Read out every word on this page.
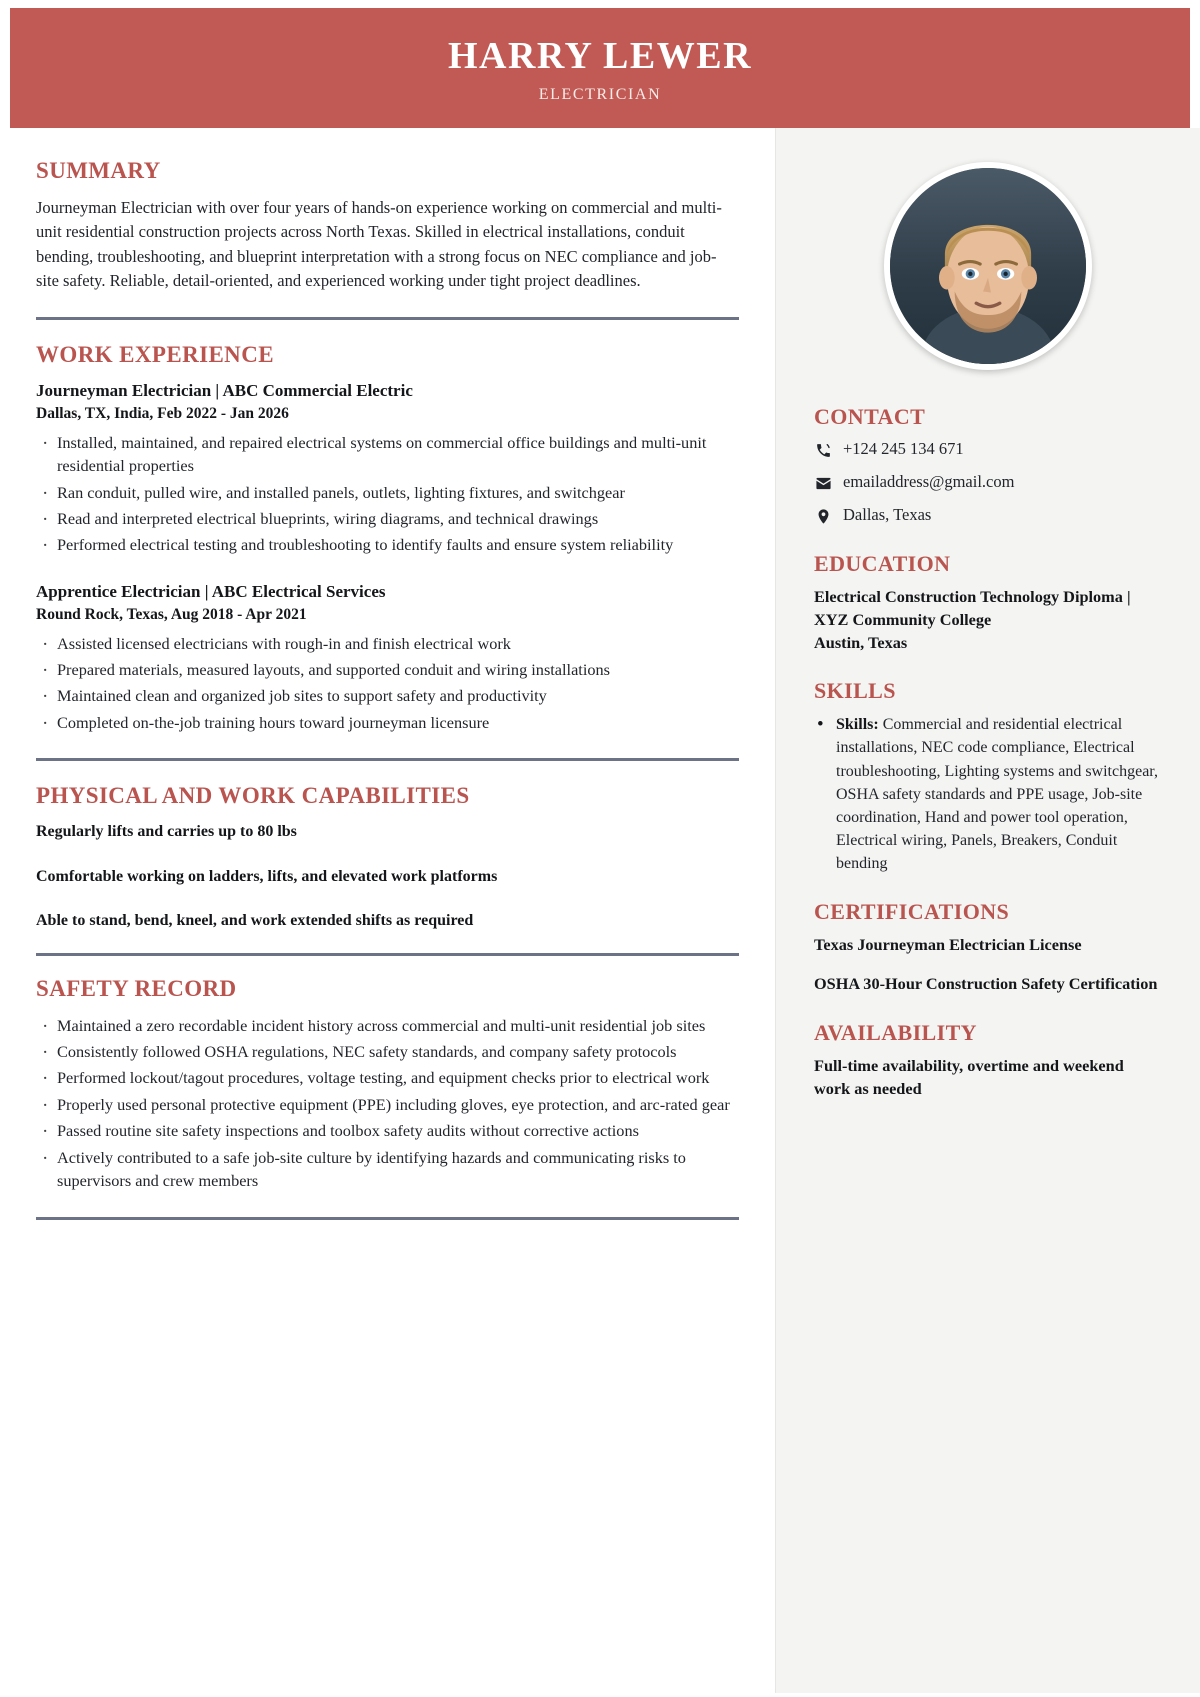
HARRY LEWER
ELECTRICIAN
SUMMARY

Journeyman Electrician with over four years of hands-on experience working on commercial and multi-unit residential construction projects across North Texas. Skilled in electrical installations, conduit bending, troubleshooting, and blueprint interpretation with a strong focus on NEC compliance and job-site safety. Reliable, detail-oriented, and experienced working under tight project deadlines.

WORK EXPERIENCE
Journeyman Electrician | ABC Commercial Electric
Dallas, TX, India, Feb 2022 - Jan 2026
· Installed, maintained, and repaired electrical systems on commercial office buildings and multi-unit residential properties
· Ran conduit, pulled wire, and installed panels, outlets, lighting fixtures, and switchgear
· Read and interpreted electrical blueprints, wiring diagrams, and technical drawings
· Performed electrical testing and troubleshooting to identify faults and ensure system reliability
Apprentice Electrician | ABC Electrical Services
Round Rock, Texas, Aug 2018 - Apr 2021
· Assisted licensed electricians with rough-in and finish electrical work
· Prepared materials, measured layouts, and supported conduit and wiring installations
· Maintained clean and organized job sites to support safety and productivity
· Completed on-the-job training hours toward journeyman licensure
PHYSICAL AND WORK CAPABILITIES
Regularly lifts and carries up to 80 lbs
Comfortable working on ladders, lifts, and elevated work platforms
Able to stand, bend, kneel, and work extended shifts as required
SAFETY RECORD
· Maintained a zero recordable incident history across commercial and multi-unit residential job sites
· Consistently followed OSHA regulations, NEC safety standards, and company safety protocols
· Performed lockout/tagout procedures, voltage testing, and equipment checks prior to electrical work
· Properly used personal protective equipment (PPE) including gloves, eye protection, and arc-rated gear
· Passed routine site safety inspections and toolbox safety audits without corrective actions
· Actively contributed to a safe job-site culture by identifying hazards and communicating risks to supervisors and crew members
CONTACT
+124 245 134 671
emailaddress@gmail.com
Dallas, Texas
EDUCATION
Electrical Construction Technology Diploma | XYZ Community College
Austin, Texas
SKILLS
• Skills: Commercial and residential electrical installations, NEC code compliance, Electrical troubleshooting, Lighting systems and switchgear, OSHA safety standards and PPE usage, Job-site coordination, Hand and power tool operation, Electrical wiring, Panels, Breakers, Conduit bending
CERTIFICATIONS
Texas Journeyman Electrician License
OSHA 30-Hour Construction Safety Certification
AVAILABILITY
Full-time availability, overtime and weekend work as needed
